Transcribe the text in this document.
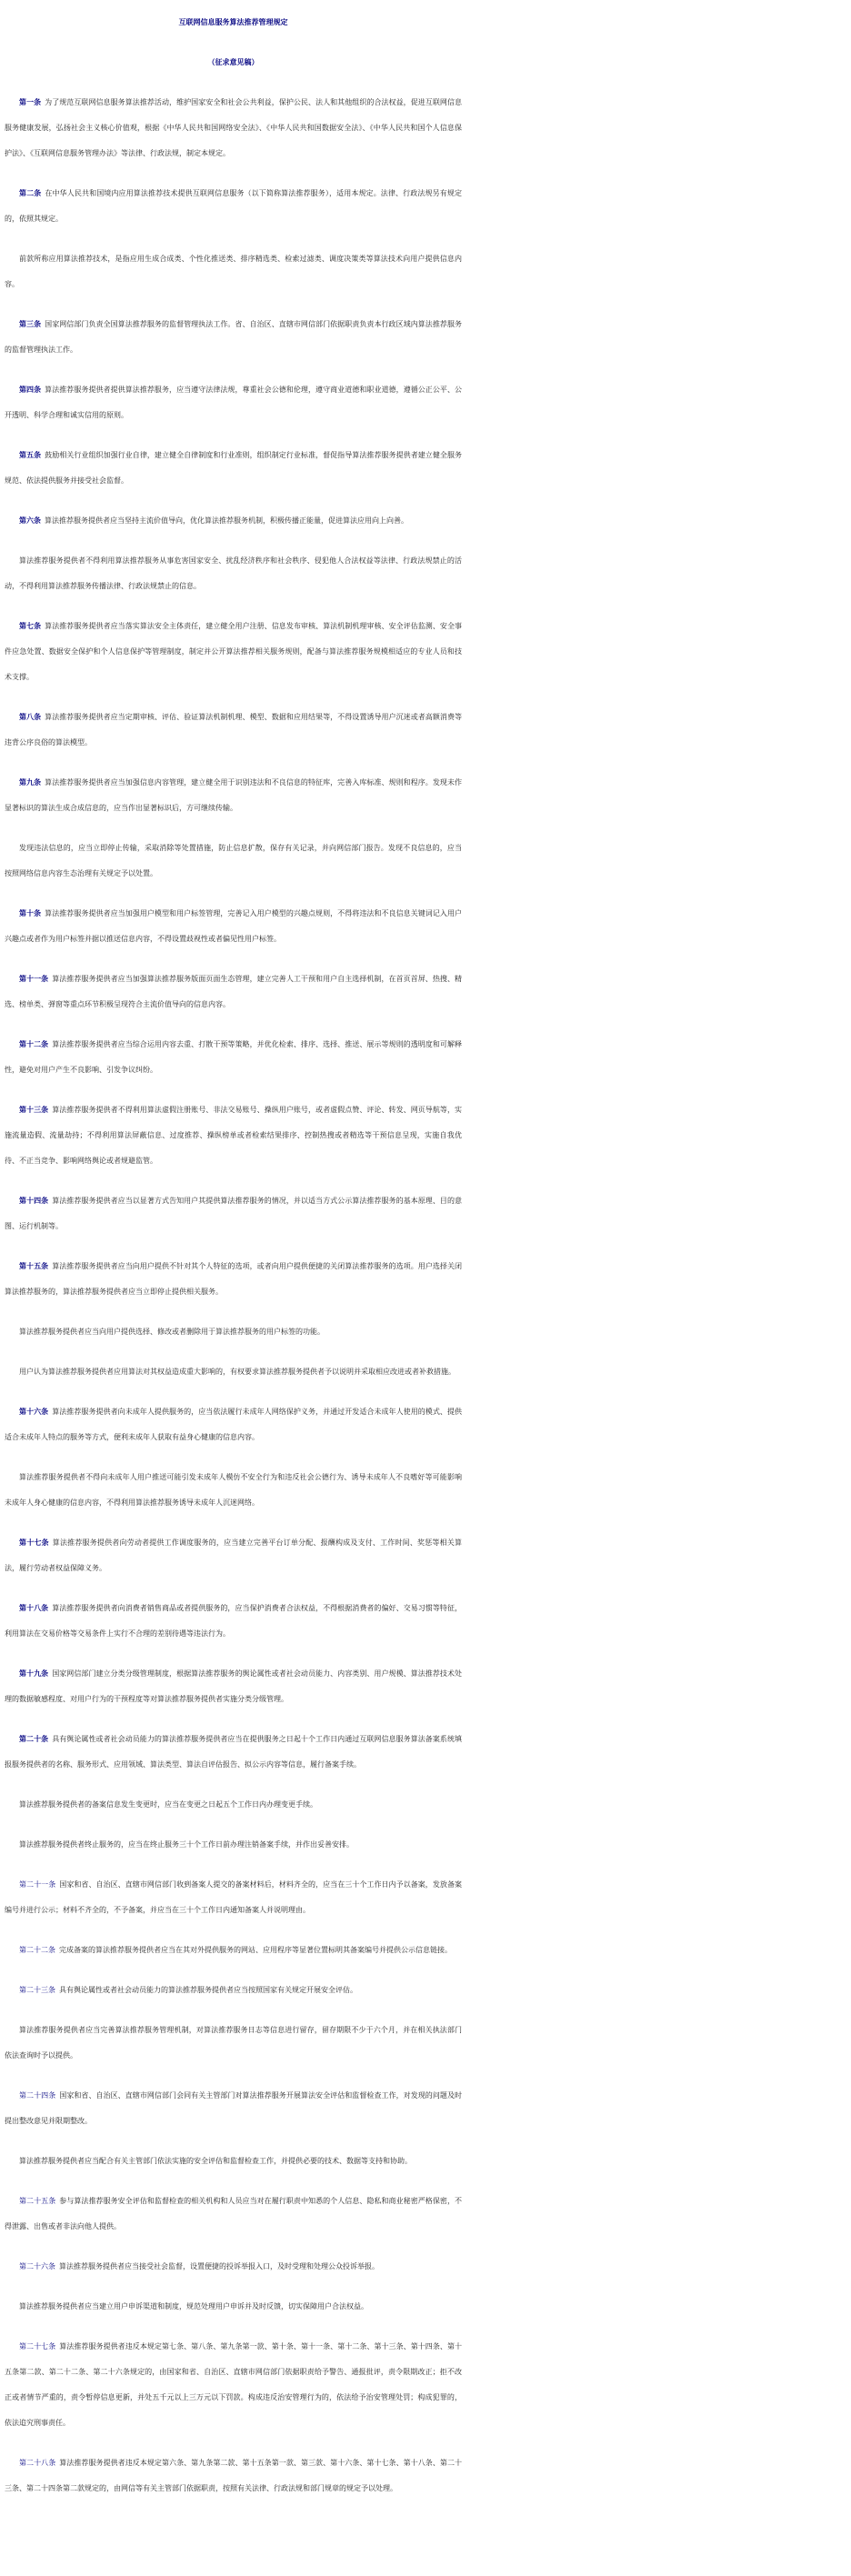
互联网信息服务算法推荐管理规定

（征求意见稿）

第一条 为了规范互联网信息服务算法推荐活动，维护国家安全和社会公共利益，保护公民、法人和其他组织的合法权益，促进互联网信息服务健康发展，弘扬社会主义核心价值观，根据《中华人民共和国网络安全法》、《中华人民共和国数据安全法》、《中华人民共和国个人信息保护法》、《互联网信息服务管理办法》等法律、行政法规，制定本规定。

第二条 在中华人民共和国境内应用算法推荐技术提供互联网信息服务（以下简称算法推荐服务），适用本规定。法律、行政法规另有规定的，依照其规定。

前款所称应用算法推荐技术，是指应用生成合成类、个性化推送类、排序精选类、检索过滤类、调度决策类等算法技术向用户提供信息内容。

第三条 国家网信部门负责全国算法推荐服务的监督管理执法工作。省、自治区、直辖市网信部门依据职责负责本行政区域内算法推荐服务的监督管理执法工作。

第四条 算法推荐服务提供者提供算法推荐服务，应当遵守法律法规，尊重社会公德和伦理，遵守商业道德和职业道德，遵循公正公平、公开透明、科学合理和诚实信用的原则。

第五条 鼓励相关行业组织加强行业自律，建立健全自律制度和行业准则，组织制定行业标准，督促指导算法推荐服务提供者建立健全服务规范、依法提供服务并接受社会监督。

第六条 算法推荐服务提供者应当坚持主流价值导向，优化算法推荐服务机制，积极传播正能量，促进算法应用向上向善。

算法推荐服务提供者不得利用算法推荐服务从事危害国家安全、扰乱经济秩序和社会秩序、侵犯他人合法权益等法律、行政法规禁止的活动，不得利用算法推荐服务传播法律、行政法规禁止的信息。

第七条 算法推荐服务提供者应当落实算法安全主体责任，建立健全用户注册、信息发布审核、算法机制机理审核、安全评估监测、安全事件应急处置、数据安全保护和个人信息保护等管理制度，制定并公开算法推荐相关服务规则，配备与算法推荐服务规模相适应的专业人员和技术支撑。

第八条 算法推荐服务提供者应当定期审核、评估、验证算法机制机理、模型、数据和应用结果等，不得设置诱导用户沉迷或者高额消费等违背公序良俗的算法模型。

第九条 算法推荐服务提供者应当加强信息内容管理，建立健全用于识别违法和不良信息的特征库，完善入库标准、规则和程序。发现未作显著标识的算法生成合成信息的，应当作出显著标识后，方可继续传输。

发现违法信息的，应当立即停止传输，采取消除等处置措施，防止信息扩散，保存有关记录，并向网信部门报告。发现不良信息的，应当按照网络信息内容生态治理有关规定予以处置。

第十条 算法推荐服务提供者应当加强用户模型和用户标签管理，完善记入用户模型的兴趣点规则，不得将违法和不良信息关键词记入用户兴趣点或者作为用户标签并据以推送信息内容，不得设置歧视性或者偏见性用户标签。

第十一条 算法推荐服务提供者应当加强算法推荐服务版面页面生态管理，建立完善人工干预和用户自主选择机制，在首页首屏、热搜、精选、榜单类、弹窗等重点环节积极呈现符合主流价值导向的信息内容。

第十二条 算法推荐服务提供者应当综合运用内容去重、打散干预等策略，并优化检索、排序、选择、推送、展示等规则的透明度和可解释性，避免对用户产生不良影响、引发争议纠纷。

第十三条 算法推荐服务提供者不得利用算法虚假注册账号、非法交易账号、操纵用户账号，或者虚假点赞、评论、转发、网页导航等，实施流量造假、流量劫持；不得利用算法屏蔽信息、过度推荐、操纵榜单或者检索结果排序、控制热搜或者精选等干预信息呈现，实施自我优待、不正当竞争、影响网络舆论或者规避监管。

第十四条 算法推荐服务提供者应当以显著方式告知用户其提供算法推荐服务的情况，并以适当方式公示算法推荐服务的基本原理、目的意图、运行机制等。

第十五条 算法推荐服务提供者应当向用户提供不针对其个人特征的选项，或者向用户提供便捷的关闭算法推荐服务的选项。用户选择关闭算法推荐服务的，算法推荐服务提供者应当立即停止提供相关服务。

算法推荐服务提供者应当向用户提供选择、修改或者删除用于算法推荐服务的用户标签的功能。

用户认为算法推荐服务提供者应用算法对其权益造成重大影响的，有权要求算法推荐服务提供者予以说明并采取相应改进或者补救措施。

第十六条 算法推荐服务提供者向未成年人提供服务的，应当依法履行未成年人网络保护义务，并通过开发适合未成年人使用的模式、提供适合未成年人特点的服务等方式，便利未成年人获取有益身心健康的信息内容。

算法推荐服务提供者不得向未成年人用户推送可能引发未成年人模仿不安全行为和违反社会公德行为、诱导未成年人不良嗜好等可能影响未成年人身心健康的信息内容，不得利用算法推荐服务诱导未成年人沉迷网络。

第十七条 算法推荐服务提供者向劳动者提供工作调度服务的，应当建立完善平台订单分配、报酬构成及支付、工作时间、奖惩等相关算法，履行劳动者权益保障义务。

第十八条 算法推荐服务提供者向消费者销售商品或者提供服务的，应当保护消费者合法权益，不得根据消费者的偏好、交易习惯等特征，利用算法在交易价格等交易条件上实行不合理的差别待遇等违法行为。

第十九条 国家网信部门建立分类分级管理制度，根据算法推荐服务的舆论属性或者社会动员能力、内容类别、用户规模、算法推荐技术处理的数据敏感程度、对用户行为的干预程度等对算法推荐服务提供者实施分类分级管理。

第二十条 具有舆论属性或者社会动员能力的算法推荐服务提供者应当在提供服务之日起十个工作日内通过互联网信息服务算法备案系统填报服务提供者的名称、服务形式、应用领域、算法类型、算法自评估报告、拟公示内容等信息，履行备案手续。

算法推荐服务提供者的备案信息发生变更时，应当在变更之日起五个工作日内办理变更手续。

算法推荐服务提供者终止服务的，应当在终止服务三十个工作日前办理注销备案手续，并作出妥善安排。

第二十一条 国家和省、自治区、直辖市网信部门收到备案人提交的备案材料后，材料齐全的，应当在三十个工作日内予以备案，发放备案编号并进行公示；材料不齐全的，不予备案，并应当在三十个工作日内通知备案人并说明理由。

第二十二条 完成备案的算法推荐服务提供者应当在其对外提供服务的网站、应用程序等显著位置标明其备案编号并提供公示信息链接。

第二十三条 具有舆论属性或者社会动员能力的算法推荐服务提供者应当按照国家有关规定开展安全评估。

算法推荐服务提供者应当完善算法推荐服务管理机制，对算法推荐服务日志等信息进行留存，留存期限不少于六个月，并在相关执法部门依法查询时予以提供。

第二十四条 国家和省、自治区、直辖市网信部门会同有关主管部门对算法推荐服务开展算法安全评估和监督检查工作，对发现的问题及时提出整改意见并限期整改。

算法推荐服务提供者应当配合有关主管部门依法实施的安全评估和监督检查工作，并提供必要的技术、数据等支持和协助。

第二十五条 参与算法推荐服务安全评估和监督检查的相关机构和人员应当对在履行职责中知悉的个人信息、隐私和商业秘密严格保密，不得泄露、出售或者非法向他人提供。

第二十六条 算法推荐服务提供者应当接受社会监督，设置便捷的投诉举报入口，及时受理和处理公众投诉举报。

算法推荐服务提供者应当建立用户申诉渠道和制度，规范处理用户申诉并及时反馈，切实保障用户合法权益。

第二十七条 算法推荐服务提供者违反本规定第七条、第八条、第九条第一款、第十条、第十一条、第十二条、第十三条、第十四条、第十五条第二款、第二十二条、第二十六条规定的，由国家和省、自治区、直辖市网信部门依据职责给予警告、通报批评，责令限期改正；拒不改正或者情节严重的，责令暂停信息更新，并处五千元以上三万元以下罚款。构成违反治安管理行为的，依法给予治安管理处罚；构成犯罪的，依法追究刑事责任。

第二十八条 算法推荐服务提供者违反本规定第六条、第九条第二款、第十五条第一款、第三款、第十六条、第十七条、第十八条、第二十三条、第二十四条第二款规定的，由网信等有关主管部门依据职责，按照有关法律、行政法规和部门规章的规定予以处理。
